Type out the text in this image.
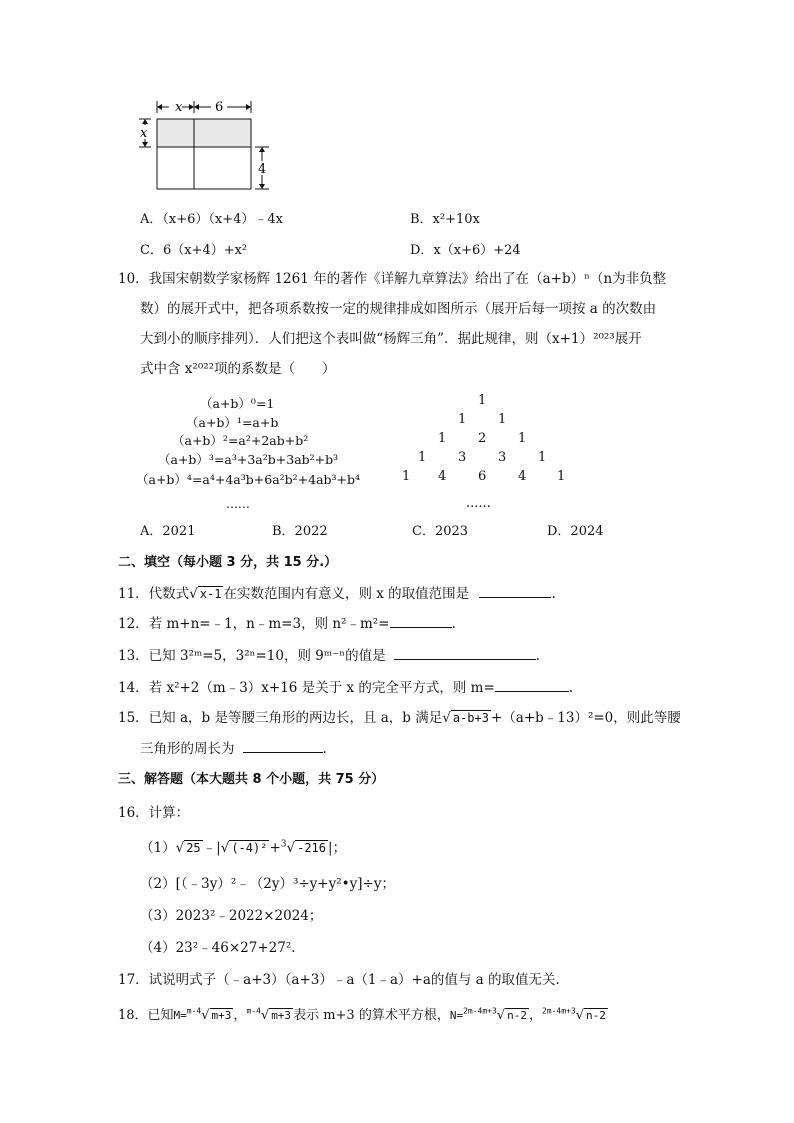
x	6
x
4
A．（x+6）（x+4）﹣4x	B．x²+10x
C．6（x+4）+x²	D．x（x+6）+24
10．我国宋朝数学家杨辉 1261 年的著作《详解九章算法》给出了在（a+b）ⁿ（n为非负整
数）的展开式中，把各项系数按一定的规律排成如图所示（展开后每一项按 a 的次数由
大到小的顺序排列）．人们把这个表叫做“杨辉三角”．据此规律，则（x+1）²⁰²³展开
式中含 x²⁰²²项的系数是（　　）
（a+b）⁰=1
（a+b）¹=a+b
（a+b）²=a²+2ab+b²
（a+b）³=a³+3a²b+3ab²+b³
（a+b）⁴=a⁴+4a³b+6a²b²+4ab³+b⁴
......
1
1 1
1 2 1
1 3 3 1
1 4 6 4 1
......
A．2021	B．2022	C．2023	D．2024
二、填空（每小题 3 分，共 15 分.）
11．代数式√ x-1 在实数范围内有意义，则 x 的取值范围是	.
12．若 m+n=﹣1，n﹣m=3，则 n²﹣m²=	.
13．已知 3²ᵐ=5，3²ⁿ=10，则 9ᵐ⁻ⁿ的值是	.
14．若 x²+2（m﹣3）x+16 是关于 x 的完全平方式，则 m=	.
15．已知 a，b 是等腰三角形的两边长，且 a，b 满足√ a-b+3 +（a+b﹣13）²=0，则此等腰
三角形的周长为	.
三、解答题（本大题共 8 个小题，共 75 分）
16．计算：
（1）√ 25 ﹣|√ (-4)² +$^3$√ -216 |；
（2）[（﹣3y）²﹣（2y）³÷y+y²•y]÷y；
（3）2023²﹣2022×2024；
（4）23²﹣46×27+27².
17．试说明式子（﹣a+3）（a+3）﹣a（1﹣a）+a的值与 a 的取值无关.
18．已知M=$^{m-4}$√ m+3 ，$^{m-4}$√ m+3 表示 m+3 的算术平方根，N=$^{2m-4m+3}$√ n-2 ，$^{2m-4m+3}$√ n-2
